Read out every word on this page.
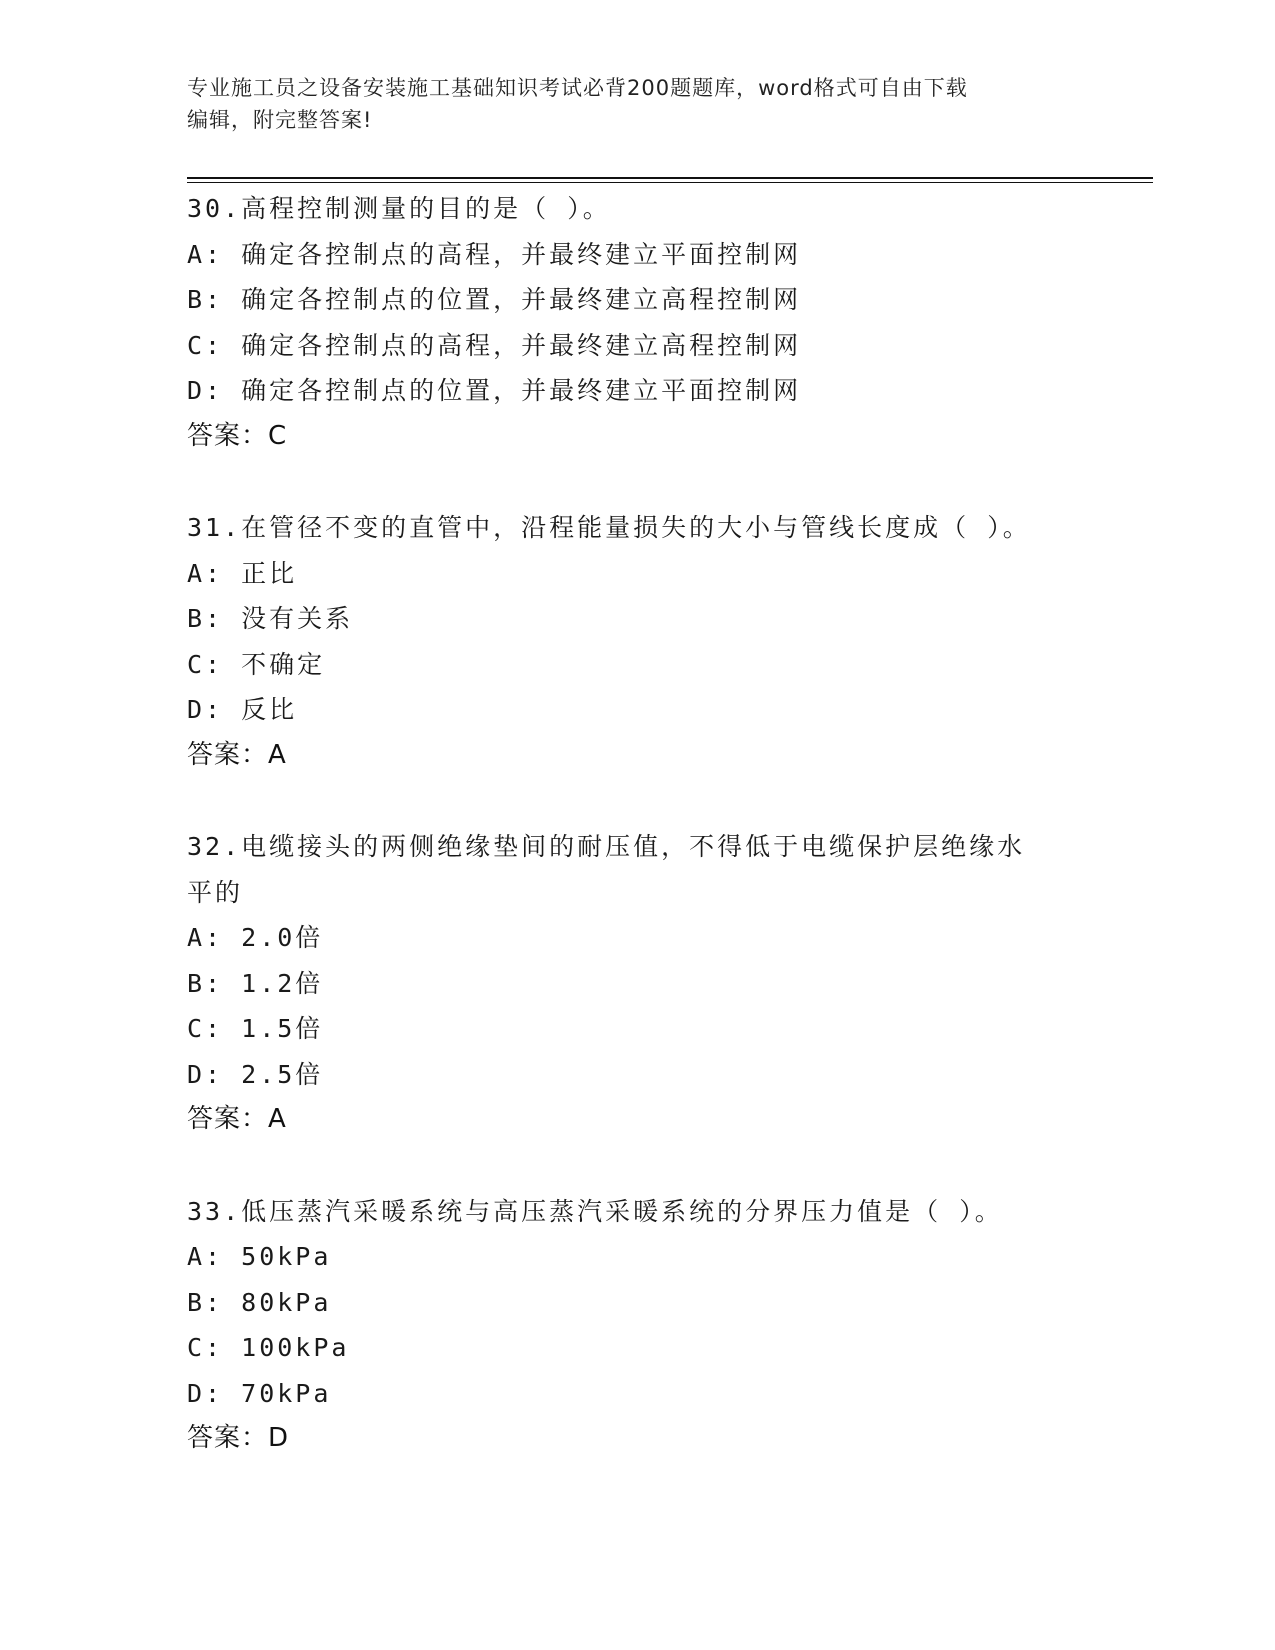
专业施工员之设备安装施工基础知识考试必背200题题库，word格式可自由下载
编辑，附完整答案!
30.高程控制测量的目的是（ ）。
A: 确定各控制点的高程，并最终建立平面控制网
B: 确定各控制点的位置，并最终建立高程控制网
C: 确定各控制点的高程，并最终建立高程控制网
D: 确定各控制点的位置，并最终建立平面控制网
答案：C
31.在管径不变的直管中，沿程能量损失的大小与管线长度成（ ）。
A: 正比
B: 没有关系
C: 不确定
D: 反比
答案：A
32.电缆接头的两侧绝缘垫间的耐压值，不得低于电缆保护层绝缘水平的
A: 2.0倍
B: 1.2倍
C: 1.5倍
D: 2.5倍
答案：A
33.低压蒸汽采暖系统与高压蒸汽采暖系统的分界压力值是（ ）。
A: 50kPa
B: 80kPa
C: 100kPa
D: 70kPa
答案：D
